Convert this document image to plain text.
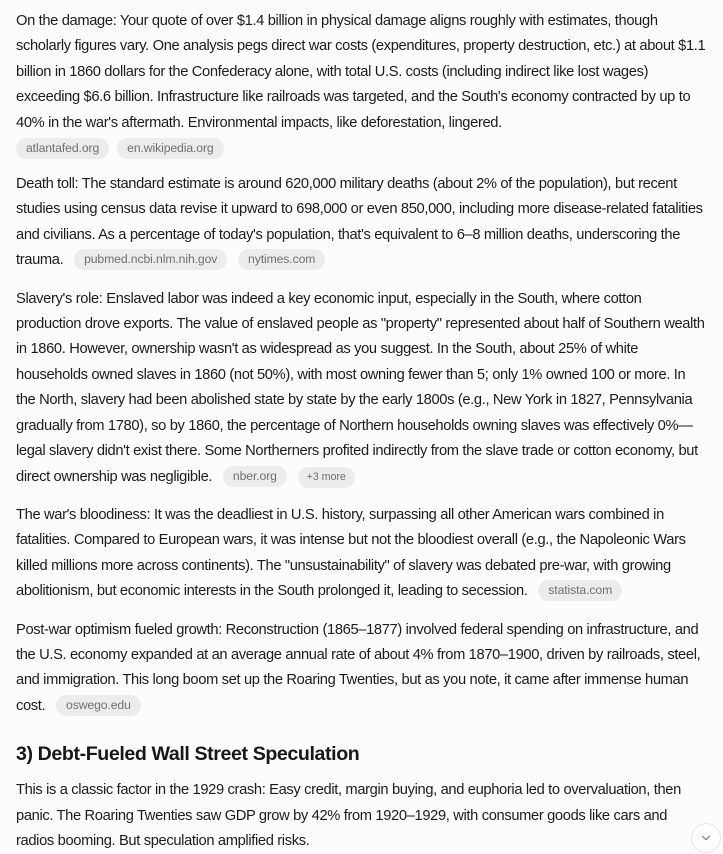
On the damage: Your quote of over $1.4 billion in physical damage aligns roughly with estimates, though scholarly figures vary. One analysis pegs direct war costs (expenditures, property destruction, etc.) at about $1.1 billion in 1860 dollars for the Confederacy alone, with total U.S. costs (including indirect like lost wages) exceeding $6.6 billion. Infrastructure like railroads was targeted, and the South's economy contracted by up to 40% in the war's aftermath. Environmental impacts, like deforestation, lingered.

atlantafed.org	en.wikipedia.org

Death toll: The standard estimate is around 620,000 military deaths (about 2% of the population), but recent studies using census data revise it upward to 698,000 or even 850,000, including more disease-related fatalities and civilians. As a percentage of today's population, that's equivalent to 6–8 million deaths, underscoring the trauma. pubmed.ncbi.nlm.nih.gov	nytimes.com

Slavery's role: Enslaved labor was indeed a key economic input, especially in the South, where cotton production drove exports. The value of enslaved people as "property" represented about half of Southern wealth in 1860. However, ownership wasn't as widespread as you suggest. In the South, about 25% of white households owned slaves in 1860 (not 50%), with most owning fewer than 5; only 1% owned 100 or more. In the North, slavery had been abolished state by state by the early 1800s (e.g., New York in 1827, Pennsylvania gradually from 1780), so by 1860, the percentage of Northern households owning slaves was effectively 0%—legal slavery didn't exist there. Some Northerners profited indirectly from the slave trade or cotton economy, but direct ownership was negligible. nber.org	+3 more

The war's bloodiness: It was the deadliest in U.S. history, surpassing all other American wars combined in fatalities. Compared to European wars, it was intense but not the bloodiest overall (e.g., the Napoleonic Wars killed millions more across continents). The "unsustainability" of slavery was debated pre-war, with growing abolitionism, but economic interests in the South prolonged it, leading to secession. statista.com

Post-war optimism fueled growth: Reconstruction (1865–1877) involved federal spending on infrastructure, and the U.S. economy expanded at an average annual rate of about 4% from 1870–1900, driven by railroads, steel, and immigration. This long boom set up the Roaring Twenties, but as you note, it came after immense human cost. oswego.edu

3) Debt-Fueled Wall Street Speculation

This is a classic factor in the 1929 crash: Easy credit, margin buying, and euphoria led to overvaluation, then panic. The Roaring Twenties saw GDP grow by 42% from 1920–1929, with consumer goods like cars and radios booming. But speculation amplified risks.
